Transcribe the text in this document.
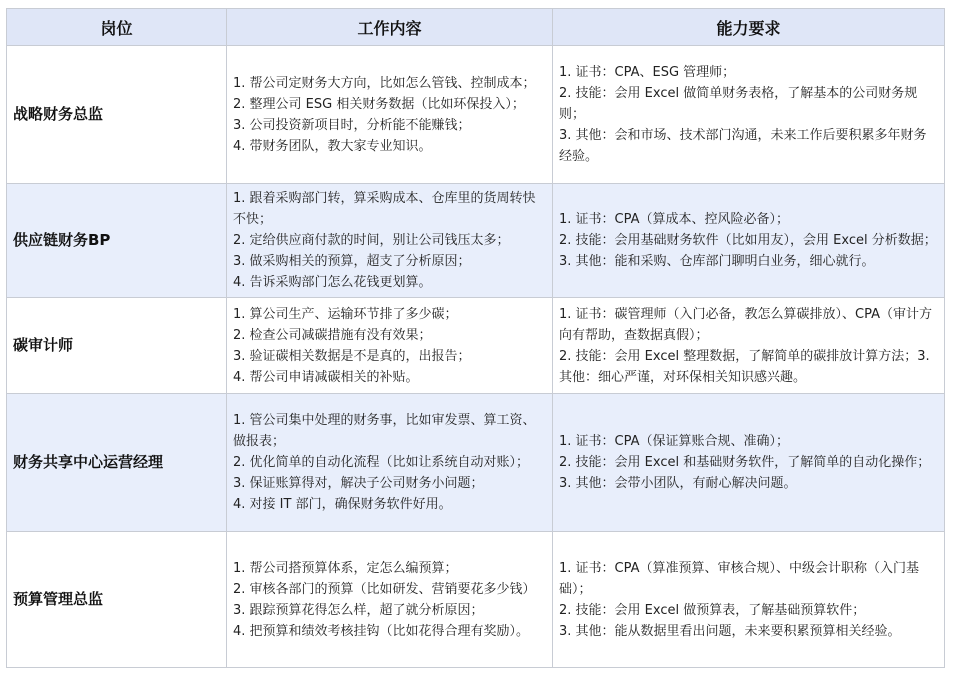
岗位	工作内容	能力要求
战略财务总监	1. 帮公司定财务大方向，比如怎么管钱、控制成本；
2. 整理公司 ESG 相关财务数据（比如环保投入）；
3. 公司投资新项目时，分析能不能赚钱；
4. 带财务团队，教大家专业知识。	1. 证书：CPA、ESG 管理师；
2. 技能：会用 Excel 做简单财务表格，了解基本的公司财务规则；
3. 其他：会和市场、技术部门沟通，未来工作后要积累多年财务经验。

供应链财务BP	1. 跟着采购部门转，算采购成本、仓库里的货周转快不快；
2. 定给供应商付款的时间，别让公司钱压太多；
3. 做采购相关的预算，超支了分析原因；
4. 告诉采购部门怎么花钱更划算。	1. 证书：CPA（算成本、控风险必备）；
2. 技能：会用基础财务软件（比如用友），会用 Excel 分析数据；
3. 其他：能和采购、仓库部门聊明白业务，细心就行。

碳审计师	1. 算公司生产、运输环节排了多少碳；
2. 检查公司减碳措施有没有效果；
3. 验证碳相关数据是不是真的，出报告；
4. 帮公司申请减碳相关的补贴。	1. 证书：碳管理师（入门必备，教怎么算碳排放）、CPA（审计方向有帮助，查数据真假）；
2. 技能：会用 Excel 整理数据，了解简单的碳排放计算方法；3. 其他：细心严谨，对环保相关知识感兴趣。

财务共享中心运营经理	1. 管公司集中处理的财务事，比如审发票、算工资、做报表；
2. 优化简单的自动化流程（比如让系统自动对账）；
3. 保证账算得对，解决子公司财务小问题；
4. 对接 IT 部门，确保财务软件好用。	1. 证书：CPA（保证算账合规、准确）；
2. 技能：会用 Excel 和基础财务软件，了解简单的自动化操作；
3. 其他：会带小团队，有耐心解决问题。

预算管理总监	1. 帮公司搭预算体系，定怎么编预算；
2. 审核各部门的预算（比如研发、营销要花多少钱）
3. 跟踪预算花得怎么样，超了就分析原因；
4. 把预算和绩效考核挂钩（比如花得合理有奖励）。	1. 证书：CPA（算准预算、审核合规）、中级会计职称（入门基础）；
2. 技能：会用 Excel 做预算表，了解基础预算软件；
3. 其他：能从数据里看出问题，未来要积累预算相关经验。
